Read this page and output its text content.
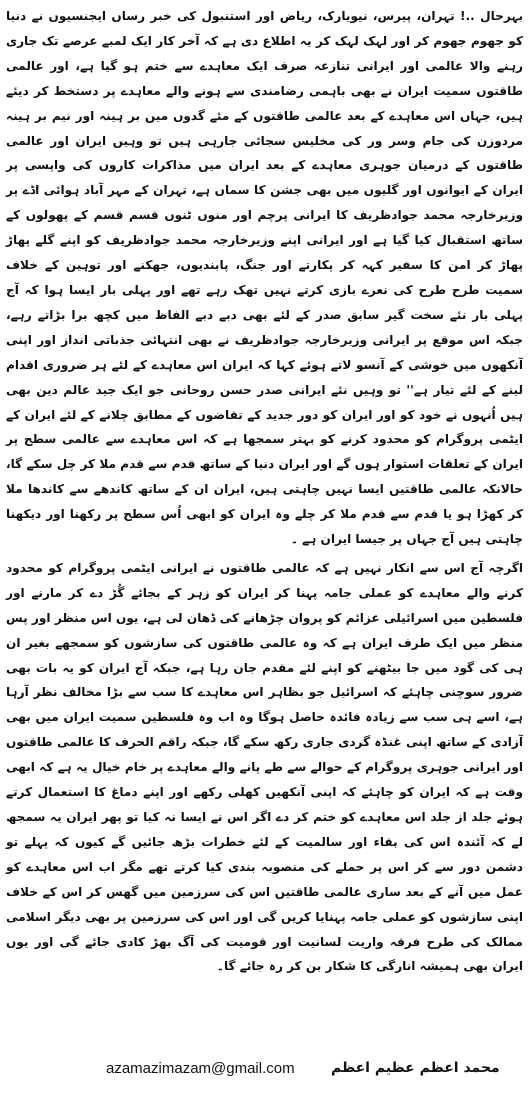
بہرحال ..! تہران، پیرس، نیویارک، ریاض اور استنبول کی خبر رساں ایجنسیوں نے دنیا کو جھوم جھوم کر اور لہک لہک کر یہ اطلاع دی ہے کہ آخر کار ایک لمبے عرصے تک جاری رہنے والا عالمی اور ایرانی تنازعہ صرف ایک معاہدے سے ختم ہو گیا ہے، اور عالمی طاقتوں سمیت ایران نے بھی باہمی رضامندی سے ہونے والے معاہدے پر دستخط کر دیئے ہیں، جہاں اس معاہدے کے بعد عالمی طاقتوں کے مئے گدوں میں بر ہینہ اور نیم بر ہینہ مردوزن کی جام وسر ور کی مخلیس سجائی جارہی ہیں تو وہیں ایران اور عالمی طاقتوں کے درمیان جوہری معاہدے کے بعد ایران میں مذاکرات کاروں کی واپسی پر ایران کے ایوانوں اور گلیوں میں بھی جشن کا سماں ہے، تہران کے مہر آباد ہوائی اڈے پر وزیرخارجہ محمد جوادظریف کا ایرانی پرچم اور منوں ٹنوں قسم قسم کے پھولوں کے ساتھ استقبال کیا گیا ہے اور ایرانی اپنے وزیرخارجہ محمد جوادظریف کو اپنے گلے پھاڑ پھاڑ کر امن کا سفیر کہہ کر پکارتے اور جنگ، پابندیوں، جھکنے اور توہین کے خلاف سمیت طرح طرح کی نعرے بازی کرتے نہیں تھک رہے تھے اور پہلی بار ایسا ہوا کہ آج پہلی بار نئے سخت گیر سابق صدر کے لئے بھی دبے دبے الفاظ میں کچھ برا بڑاتے رہے، جبکہ اس موقع پر ایرانی وزیرخارجہ جوادظریف نے بھی انتہائی جذباتی انداز اور اپنی آنکھوں میں خوشی کے آنسو لاتے ہوئے کہا کہ ایران اس معاہدے کے لئے ہر ضروری اقدام لینے کے لئے تیار ہے'' تو وہیں نئے ایرانی صدر حسن روحانی جو ایک جید عالم دین بھی ہیں اُنہوں نے خود کو اور ایران کو دور جدید کے تقاضوں کے مطابق چلانے کے لئے ایران کے ایٹمی پروگرام کو محدود کرنے کو بہتر سمجھا ہے کہ اس معاہدے سے عالمی سطح پر ایران کے تعلقات استوار ہوں گے اور ایران دنیا کے ساتھ قدم سے قدم ملا کر چل سکے گا، حالانکہ عالمی طاقتیں ایسا نہیں چاہتی ہیں، ایران ان کے ساتھ کاندھے سے کاندھا ملا کر کھڑا ہو یا قدم سے قدم ملا کر چلے وہ ایران کو ابھی اُس سطح پر رکھنا اور دیکھنا چاہتی ہیں آج جہاں پر جیسا ایران ہے ۔

اگرچہ آج اس سے انکار نہیں ہے کہ عالمی طاقتوں نے ایرانی ایٹمی پروگرام کو محدود کرنے والے معاہدے کو عملی جامہ پہنا کر ایران کو زہر کے بجائے گُڑ دے کر مارنے اور فلسطین میں اسرائیلی عزائم کو پروان چڑھانے کی ڈھان لی ہے، یوں اس منظر اور پس منظر میں ایک طرف ایران ہے کہ وہ عالمی طاقتوں کی سازشوں کو سمجھے بغیر ان ہی کی گود میں جا بیٹھنے کو اپنے لئے مقدم جان رہا ہے، جبکہ آج ایران کو یہ بات بھی ضرور سوچنی چاہئے کہ اسرائیل جو بظاہر اس معاہدے کا سب سے بڑا مخالف نظر آرہا ہے، اسے ہی سب سے زیادہ فائدہ حاصل ہوگا وہ اب وہ فلسطین سمیت ایران میں بھی آزادی کے ساتھ اپنی غنڈہ گردی جاری رکھ سکے گا، جبکہ راقم الحرف کا عالمی طاقتوں اور ایرانی جوہری پروگرام کے حوالے سے طے پانے والے معاہدے پر خام خیال یہ ہے کہ ابھی وقت ہے کہ ایران کو چاہئے کہ اپنی آنکھیں کھلی رکھے اور اپنے دماغ کا استعمال کرتے ہوئے جلد از جلد اس معاہدے کو ختم کر دے اگر اس نے ایسا نہ کیا تو پھر ایران یہ سمجھ لے کہ آئندہ اس کی بقاء اور سالمیت کے لئے خطرات بڑھ جائیں گے کیوں کہ پہلے تو دشمن دور سے کر اس پر حملے کی منصوبہ بندی کیا کرتے تھے مگر اب اس معاہدے کو عمل میں آنے کے بعد ساری عالمی طاقتیں اس کی سرزمین میں گھس کر اس کے خلاف اپنی سازشوں کو عملی جامہ پہنایا کریں گی اور اس کی سرزمین پر بھی دیگر اسلامی ممالک کی طرح فرقہ واریت لسانیت اور قومیت کی آگ بھڑ کادی جائے گی اور یوں ایران بھی ہمیشہ انارگی کا شکار بن کر رہ جائے گا۔

azamazimazam@gmail.com	محمد اعظم عظیم اعظم
